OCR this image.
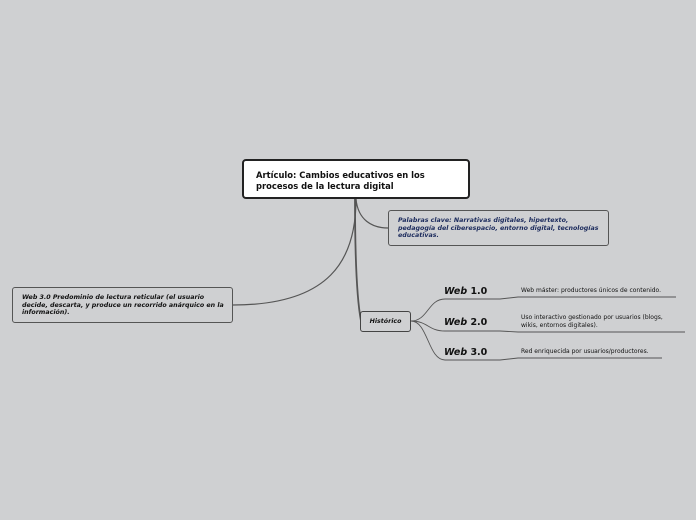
Artículo: Cambios educativos en los
procesos de la lectura digital
Palabras clave: Narrativas digitales, hipertexto,
pedagogía del ciberespacio, entorno digital, tecnologías
educativas.
Web 3.0 Predominio de lectura reticular (el usuario
decide, descarta, y produce un recorrido anárquico en la
información).
Histórico
Web 1.0	Web máster: productores únicos de contenido.
Web 2.0	Uso interactivo gestionado por usuarios (blogs,
wikis, entornos digitales).
Web 3.0	Red enriquecida por usuarios/productores.
